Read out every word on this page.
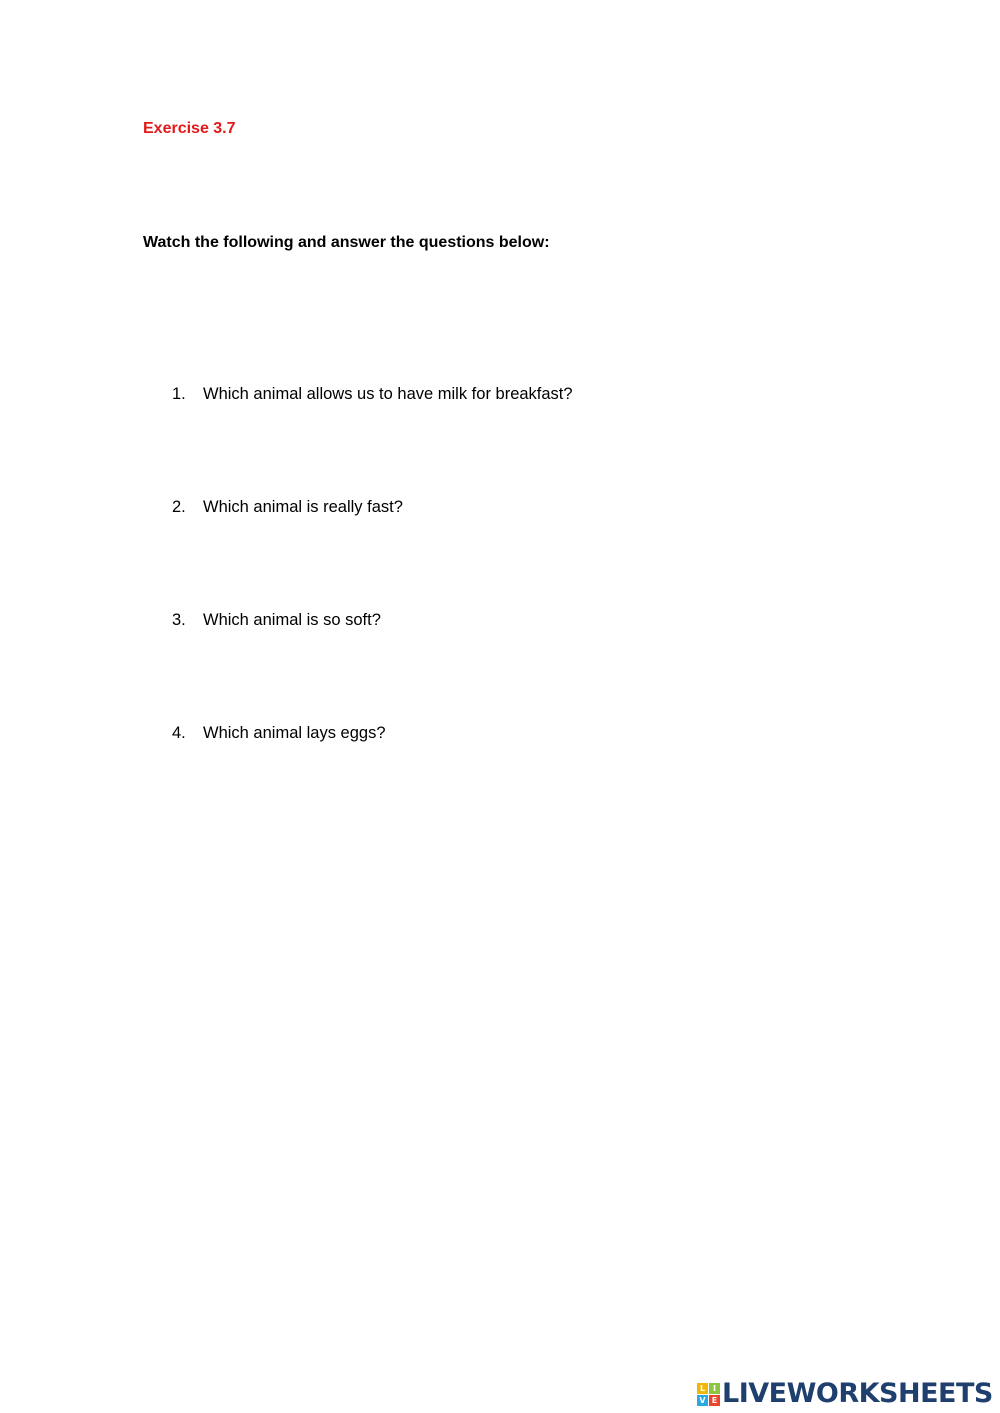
Exercise 3.7
Watch the following and answer the questions below:
1. Which animal allows us to have milk for breakfast?
2. Which animal is really fast?
3. Which animal is so soft?
4. Which animal lays eggs?
L I
V E LIVEWORKSHEETS
